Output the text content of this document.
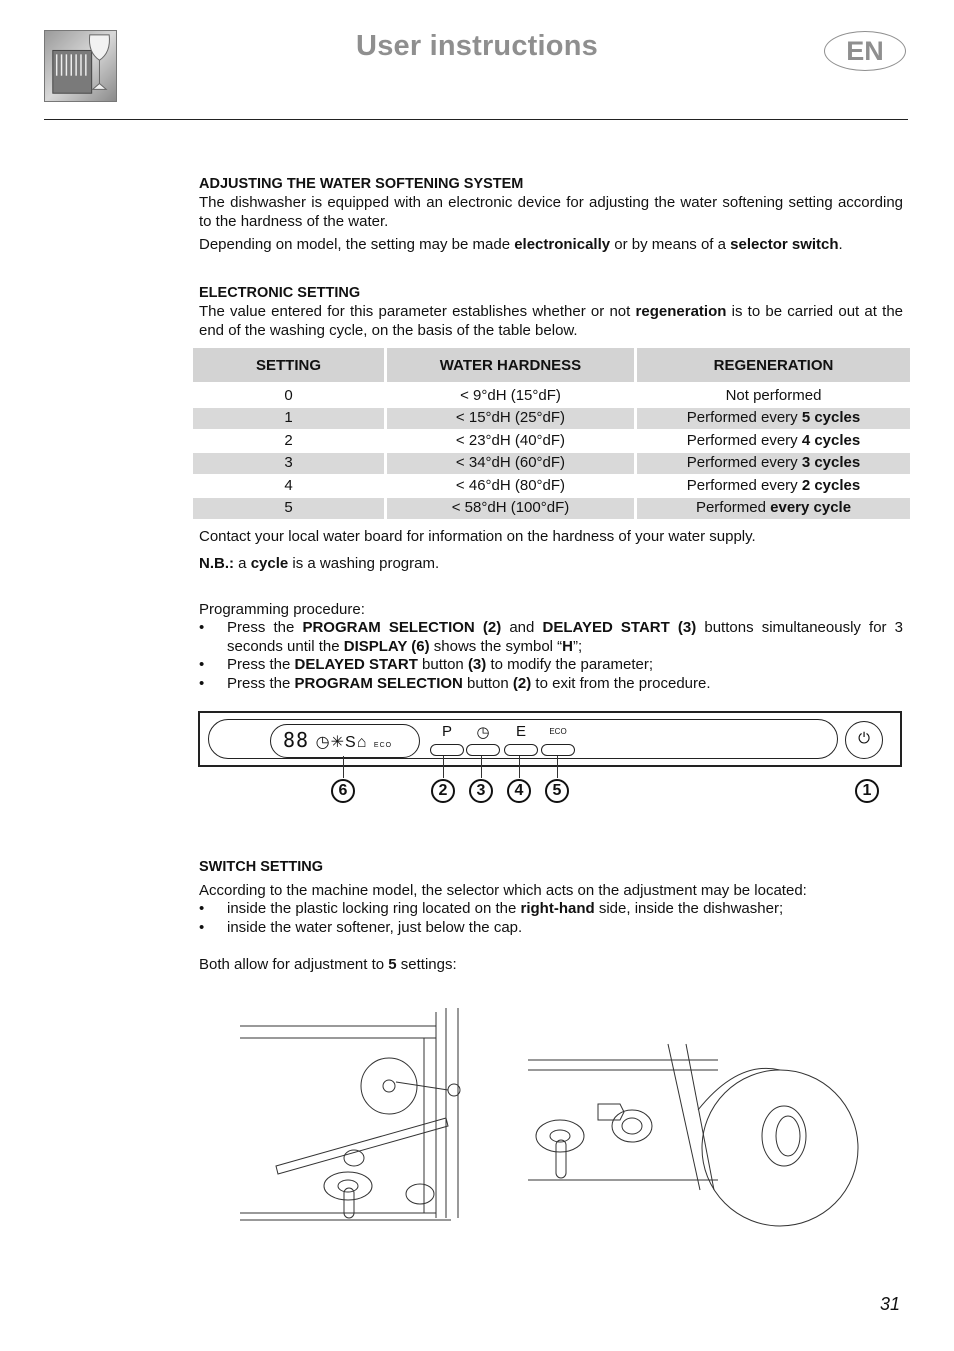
User instructions	EN
ADJUSTING THE WATER SOFTENING SYSTEM
The dishwasher is equipped with an electronic device for adjusting the water softening setting according to the hardness of the water.
Depending on model, the setting may be made electronically or by means of a selector switch.
ELECTRONIC SETTING
The value entered for this parameter establishes whether or not regeneration is to be carried out at the end of the washing cycle, on the basis of the table below.
SETTING	WATER HARDNESS	REGENERATION
0	< 9°dH (15°dF)	Not performed
1	< 15°dH (25°dF)	Performed every 5 cycles
2	< 23°dH (40°dF)	Performed every 4 cycles
3	< 34°dH (60°dF)	Performed every 3 cycles
4	< 46°dH (80°dF)	Performed every 2 cycles
5	< 58°dH (100°dF)	Performed every cycle
Contact your local water board for information on the hardness of your water supply.
N.B.: a cycle is a washing program.
Programming procedure:
• Press the PROGRAM SELECTION (2) and DELAYED START (3) buttons simultaneously for 3 seconds until the DISPLAY (6) shows the symbol “H”;
• Press the DELAYED START button (3) to modify the parameter;
• Press the PROGRAM SELECTION button (2) to exit from the procedure.
88 ◷✳S⌂ ECO
P	◷	E	ECO	⏻
6	2	3	4	5	1
SWITCH SETTING
According to the machine model, the selector which acts on the adjustment may be located:
• inside the plastic locking ring located on the right-hand side, inside the dishwasher;
• inside the water softener, just below the cap.
Both allow for adjustment to 5 settings:
31
